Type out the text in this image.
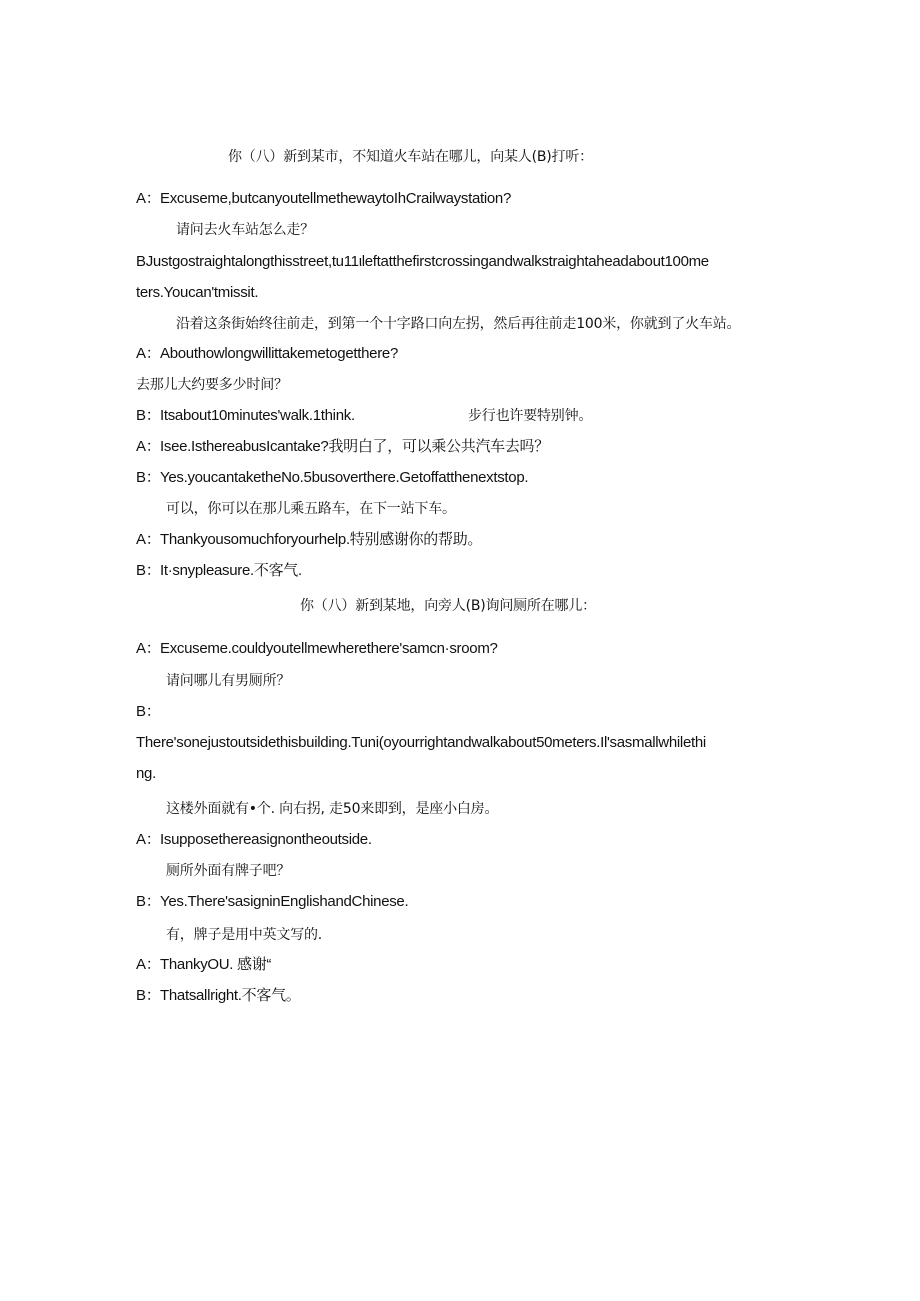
你（八）新到某市，不知道火车站在哪儿，向某人(B)打听：
A：Excuseme,butcanyoutellmethewaytoIhCrailwaystation?
请问去火车站怎么走？
BJustgostraightalongthisstreet,tu11ιleftatthefirstcrossingandwalkstraightaheadabout100me
ters.Youcan'tmissit.
沿着这条街始终往前走，到第一个十字路口向左拐，然后再往前走100米，你就到了火车站。
A：Abouthowlongwillittakemetogetthere?
去那儿大约要多少时间？
B：Itsabout10minutes'walk.1think.	步行也许要特别钟。
A：Isee.IsthereabusIcantake?我明白了，可以乘公共汽车去吗？
B：Yes.youcantaketheNo.5busoverthere.Getoffatthenextstop.
可以，你可以在那儿乘五路车，在下一站下车。
A：Thankyousomuchforyourhelp.特别感谢你的帮助。
B：It·snypleasure.不客气.
你（八）新到某地，向旁人(B)询问厕所在哪儿：
A：Excuseme.couldyoutellmewherethere'samcn·sroom?
请问哪儿有男厕所？
B：
There'sonejustoutsidethisbuilding.Tuni(oyourrightandwalkabout50meters.Il'sasmallwhilethi
ng.
这楼外面就有•个. 向右拐, 走50来即到，是座小白房。
A：Isupposethereasignontheoutside.
厕所外面有牌子吧？
B：Yes.There'sasigninEnglishandChinese.
有，牌子是用中英文写的.
A：ThankyOU. 感谢“
B：Thatsallright.不客气。
